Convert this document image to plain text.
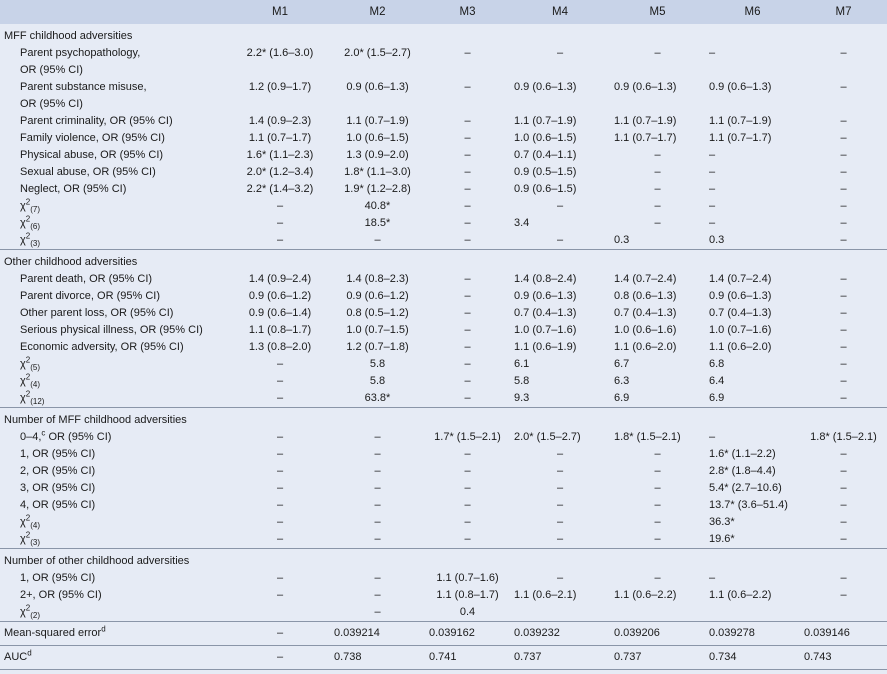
	M1	M2	M3	M4	M5	M6	M7
MFF childhood adversities							
Parent psychopathology,
OR (95% CI)	2.2* (1.6–3.0)	2.0* (1.5–2.7)	–	–	–	–	–
Parent substance misuse,
OR (95% CI)	1.2 (0.9–1.7)	0.9 (0.6–1.3)	–	0.9 (0.6–1.3)	0.9 (0.6–1.3)	0.9 (0.6–1.3)	–
Parent criminality, OR (95% CI)	1.4 (0.9–2.3)	1.1 (0.7–1.9)	–	1.1 (0.7–1.9)	1.1 (0.7–1.9)	1.1 (0.7–1.9)	–
Family violence, OR (95% CI)	1.1 (0.7–1.7)	1.0 (0.6–1.5)	–	1.0 (0.6–1.5)	1.1 (0.7–1.7)	1.1 (0.7–1.7)	–
Physical abuse, OR (95% CI)	1.6* (1.1–2.3)	1.3 (0.9–2.0)	–	0.7 (0.4–1.1)	–	–	–
Sexual abuse, OR (95% CI)	2.0* (1.2–3.4)	1.8* (1.1–3.0)	–	0.9 (0.5–1.5)	–	–	–
Neglect, OR (95% CI)	2.2* (1.4–3.2)	1.9* (1.2–2.8)	–	0.9 (0.6–1.5)	–	–	–
$\chi^2_{(7)}$	–	40.8*	–	–	–	–	–
$\chi^2_{(6)}$	–	18.5*	–	3.4	–	–	–
$\chi^2_{(3)}$	–	–	–	–	0.3	0.3	–
Other childhood adversities							
Parent death, OR (95% CI)	1.4 (0.9–2.4)	1.4 (0.8–2.3)	–	1.4 (0.8–2.4)	1.4 (0.7–2.4)	1.4 (0.7–2.4)	–
Parent divorce, OR (95% CI)	0.9 (0.6–1.2)	0.9 (0.6–1.2)	–	0.9 (0.6–1.3)	0.8 (0.6–1.3)	0.9 (0.6–1.3)	–
Other parent loss, OR (95% CI)	0.9 (0.6–1.4)	0.8 (0.5–1.2)	–	0.7 (0.4–1.3)	0.7 (0.4–1.3)	0.7 (0.4–1.3)	–
Serious physical illness, OR (95% CI)	1.1 (0.8–1.7)	1.0 (0.7–1.5)	–	1.0 (0.7–1.6)	1.0 (0.6–1.6)	1.0 (0.7–1.6)	–
Economic adversity, OR (95% CI)	1.3 (0.8–2.0)	1.2 (0.7–1.8)	–	1.1 (0.6–1.9)	1.1 (0.6–2.0)	1.1 (0.6–2.0)	–
$\chi^2_{(5)}$	–	5.8	–	6.1	6.7	6.8	–
$\chi^2_{(4)}$	–	5.8	–	5.8	6.3	6.4	–
$\chi^2_{(12)}$	–	63.8*	–	9.3	6.9	6.9	–
Number of MFF childhood adversities							
0–4,$^c$ OR (95% CI)	–	–	1.7* (1.5–2.1)	2.0* (1.5–2.7)	1.8* (1.5–2.1)	–	1.8* (1.5–2.1)
1, OR (95% CI)	–	–	–	–	–	1.6* (1.1–2.2)	–
2, OR (95% CI)	–	–	–	–	–	2.8* (1.8–4.4)	–
3, OR (95% CI)	–	–	–	–	–	5.4* (2.7–10.6)	–
4, OR (95% CI)	–	–	–	–	–	13.7* (3.6–51.4)	–
$\chi^2_{(4)}$	–	–	–	–	–	36.3*	–
$\chi^2_{(3)}$	–	–	–	–	–	19.6*	–
Number of other childhood adversities							
1, OR (95% CI)	–	–	1.1 (0.7–1.6)	–	–	–	–
2+, OR (95% CI)	–	–	1.1 (0.8–1.7)	1.1 (0.6–2.1)	1.1 (0.6–2.2)	1.1 (0.6–2.2)	–
$\chi^2_{(2)}$		–	0.4				
Mean-squared error$^d$	–	0.039214	0.039162	0.039232	0.039206	0.039278	0.039146
AUC$^d$	–	0.738	0.741	0.737	0.737	0.734	0.743
